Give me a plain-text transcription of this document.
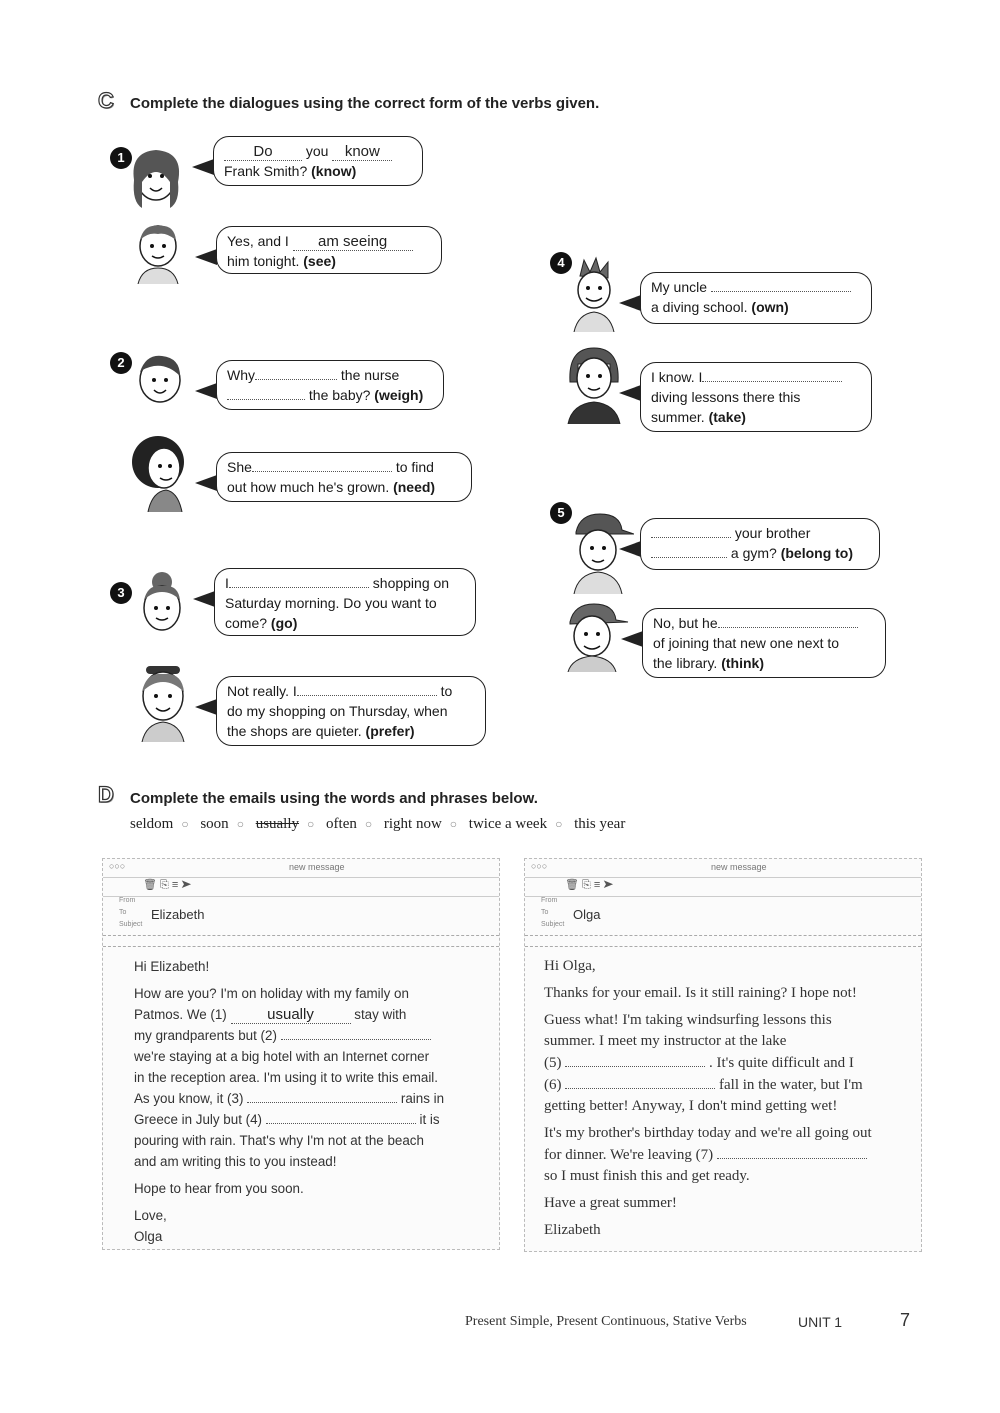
C Complete the dialogues using the correct form of the verbs given.
1	Do you know
Frank Smith? (know)
Yes, and I am seeing
him tonight. (see)
2
Why	the nurse
the baby? (weigh)
She	to find
out how much he's grown. (need)
3
I	shopping on
Saturday morning. Do you want to
come? (go)
Not really. I	to
do my shopping on Thursday, when
the shops are quieter. (prefer)
4
My uncle
a diving school. (own)
I know. I
diving lessons there this
summer. (take)
5
your brother
a gym? (belong to)
No, but he
of joining that new one next to
the library. (think)
D Complete the emails using the words and phrases below.
seldom ○ soon ○ usually ○ often ○ right now ○ twice a week ○ this year
○○○	new message
🗑 ⎘ ≡ ➤
From
To Elizabeth
Subject

Hi Elizabeth!

How are you? I'm on holiday with my family on
Patmos. We (1)	usually	stay with
my grandparents but (2)
we're staying at a big hotel with an Internet corner
in the reception area. I'm using it to write this email.
As you know, it (3)	rains in
Greece in July but (4)	it is
pouring with rain. That's why I'm not at the beach

and am writing this to you instead!

Hope to hear from you soon.

Love,
Olga
○○○	new message
🗑 ⎘ ≡ ➤
From
To Olga
Subject

Hi Olga,

Thanks for your email. Is it still raining? I hope not!

Guess what! I'm taking windsurfing lessons this
summer. I meet my instructor at the lake
(5)	. It's quite difficult and I
(6)	fall in the water, but I'm

getting better! Anyway, I don't mind getting wet!

It's my brother's birthday today and we're all going out
for dinner. We're leaving (7)

so I must finish this and get ready.

Have a great summer!

Elizabeth
Present Simple, Present Continuous, Stative Verbs	UNIT 1	7
